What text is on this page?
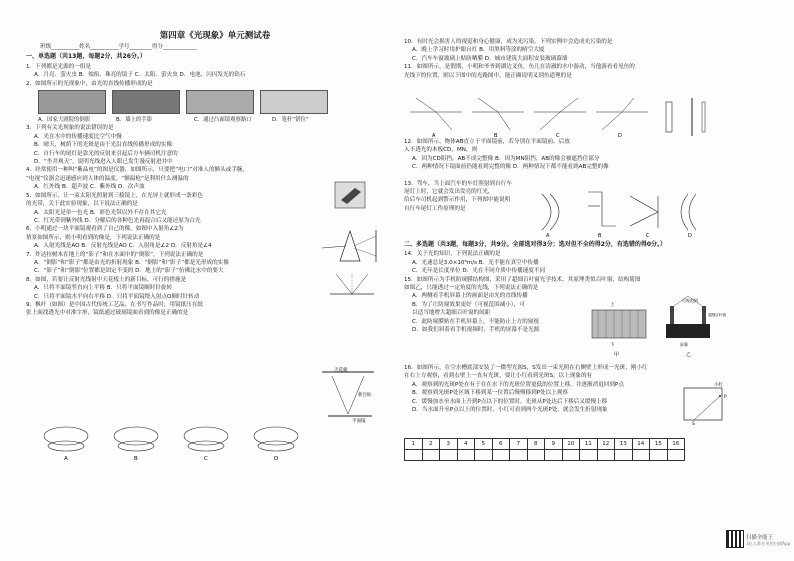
第四章《光现象》单元测试卷
班级__________姓名__________学号________得分____________
一、单选题（共13题，每题2分，共26分。）
1．下列都是光源的一组是
A．月亮、萤火虫 B．烛焰、珠亮的镜子 C．太阳、萤火虫 D．电池、闪闪发光的钻石
2．如图所示的光现象中，由光的直线传播形成的是
A．国家大剧院的倒影	B．墙上的手影	C．通过凸面镜观察路口	D．笔杆“错位”
3．下列有关光现象的说法错误的是
A．光在水中的传播速度比空气中慢
B．晴天，树荫下的光斑是由于光沿直线传播形成的实像
C．自行车的尾灯是靠光的反射来引起后方车辆司机注意的
D．“坐井观天”，说明光线进入人眼已发生漫反射进井中
4．经常使用一种叫“紫晶电”的图是仪器，如图所示，只要把“电口”对准人的额头或手腕，
“电视”仪器会迅速感应到人体的温度。“额温枪”是利用什么测温的
A．红外线 B．超声波 C．紫外线 D．次声波
5．如图所示，让一束太阳光照射到三棱镜上，在光屏上就形成一条彩色
的光带，关于此实验现象，以下说法正确的是
A．太阳光是单一色光 B．彩色光带以外不存在其它光
C．红光带到紫外线 D．分解后的各种色光再混合后又能还原为白光
6．小明通过一块平面镜观看到了自己的像，如图中入射角∠2为
情景如图所示，则小明看到的像是，下列说法正确的是
A．入射光线是AO B．反射光线是AO C．入射角是∠2 D．反射角是∠4
7．炸达拉树木在地上的“影子”和在水面中的“倒影”，下列说法正确的是
A．“倒影”和“影子”都是由光的折射现象 B．“倒影”和“影子”都是光形成的实像
C．“影子”和“倒影”位置都是固定不变的 D．地上的“影子”仿佛比水中的要大
8．如图，若要让反射光线射中天花板上的新目标，可行的措施是
A．只将平面镜竖直向上平移 B．只将平面镜顺时针旋转
C．只将平面镜水平向右平移 D．只将平面镜绕入射点O顺时针转动
9．枫叶（如图）是中国古代传统工艺品，在书写作品时，用镜纸压在纸
张上面找透光中对准字形，镜纸通过玻璃镜面看到的像是正确的是
天花板
新目标
平面镜
A	B	C	D
10．有时光会损害人的视觉和身心健康，成为光污染，下列实例中会造成光污染的是
A．晚上学习时用护眼台灯 B．用黑料等涂的晴空大厦
C．汽车车窗玻璃上贴防晒膜 D．城市建筑大面积安装玻璃幕墙
11．如图所示，是假期，小明和爷爷到湖边叉鱼，鱼儿在清澈的水中游动，当他游看看见鱼的
光线下的位置，则以下图中的光路图中，能正确说明叉到鱼道理的是
A	B	C	D
12．如图所示，物体AB直立于平面镜前，若分别在平面镜前、后放
入不透光的木板CD，MN，则
A．因为CD阻挡，AB不成完整像 B．因为MN阻挡，AB的像会被遮挡住部分
C．两种情况下镜面前仍能看到完整的像 D．两种情况下都不能看到AB完整的像
13．驾车，当上面汽车的车灯照射到自行车
尾灯上时，它就会发出发亮的红光，
给后车司机起到警示作用，下列图中能说明
自行车尾灯工作原理的是
A	B	C	D
二、多选题（共3题，每题3分，共9分。全部选对得3分；选对但不全的得2分，有选错的得0分。）
14．关于光的知识，下列说法正确的是
A．光速总是3.0×10⁸m/s B．光不能在真空中传播
C．光年是长度单位 D．光在不同介质中传播速度不同
15．如图所示为手机防窥膜结构图，采用了超细百叶窗光学技术，其原理类似百叶窗，结构简图
如图乙，只能透过一定角度的光线，下列说法正确的是
A．两侧看手机屏幕上的画面是由光的直线传播
B．为了让防窥效果更好（可视范围减小），可
以适当地增大超细百叶窗的间距
C．此防窥膜贴在手机屏幕上，不能防止上方的窥视
D．如我们斜着看手机视频时，手机的屏幕不是光源
甲	乙
上
下
可视范围
超细百叶窗
屏幕
16．如图所示，在空水槽底部安装了一微型光源S，S发出一束光照在右侧壁上形成一光斑，刚小红
在右上方观察，看到右壁上一直有光斑，要让小红看到光斑S，以上现象的有
A．观察到的光斑P处在有于在在水下的光斑位置更低的位置上移，并逐渐消退回到P点
B．观察到光斑P处区域下移到某一位置后慢慢移到P处以上观察
C．缓慢加水至水面上升到P点以下的位置时，光斑从P处达后下移后又缓慢上移
D．当水面升至P点以上的位置时，小红可看到两个光斑P处，就会发生折射现象
小红
P
S
1	2	3	4	5	6	7	8	9	10	11	12	13	14	15	16

扫描全能王
3亿人都在用的扫描App
